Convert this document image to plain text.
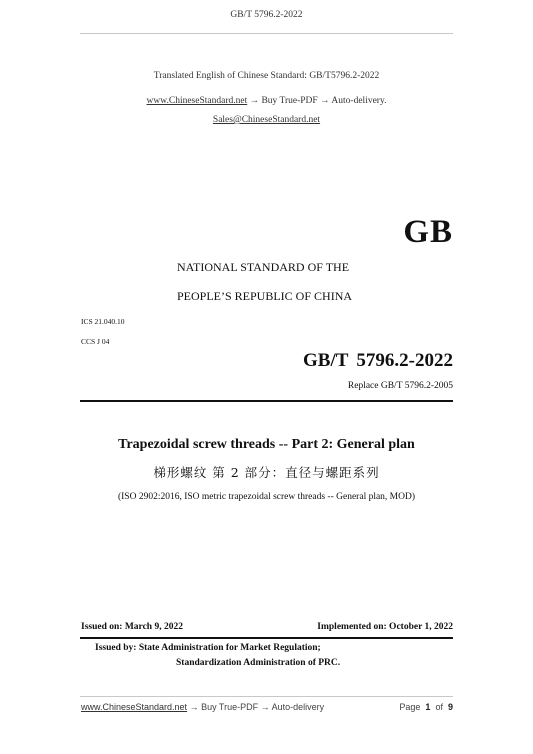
GB/T 5796.2-2022
Translated English of Chinese Standard: GB/T5796.2-2022
www.ChineseStandard.net → Buy True-PDF → Auto-delivery.
Sales@ChineseStandard.net
GB
NATIONAL STANDARD OF THE
PEOPLE’S REPUBLIC OF CHINA
ICS 21.040.10
CCS J 04
GB/T 5796.2-2022
Replace GB/T 5796.2-2005
Trapezoidal screw threads -- Part 2: General plan
梯形螺纹 第 2 部分：直径与螺距系列
(ISO 2902:2016, ISO metric trapezoidal screw threads -- General plan, MOD)
Issued on: March 9, 2022	Implemented on: October 1, 2022
Issued by: State Administration for Market Regulation;
Standardization Administration of PRC.
www.ChineseStandard.net → Buy True-PDF → Auto-delivery	Page 1 of 9
